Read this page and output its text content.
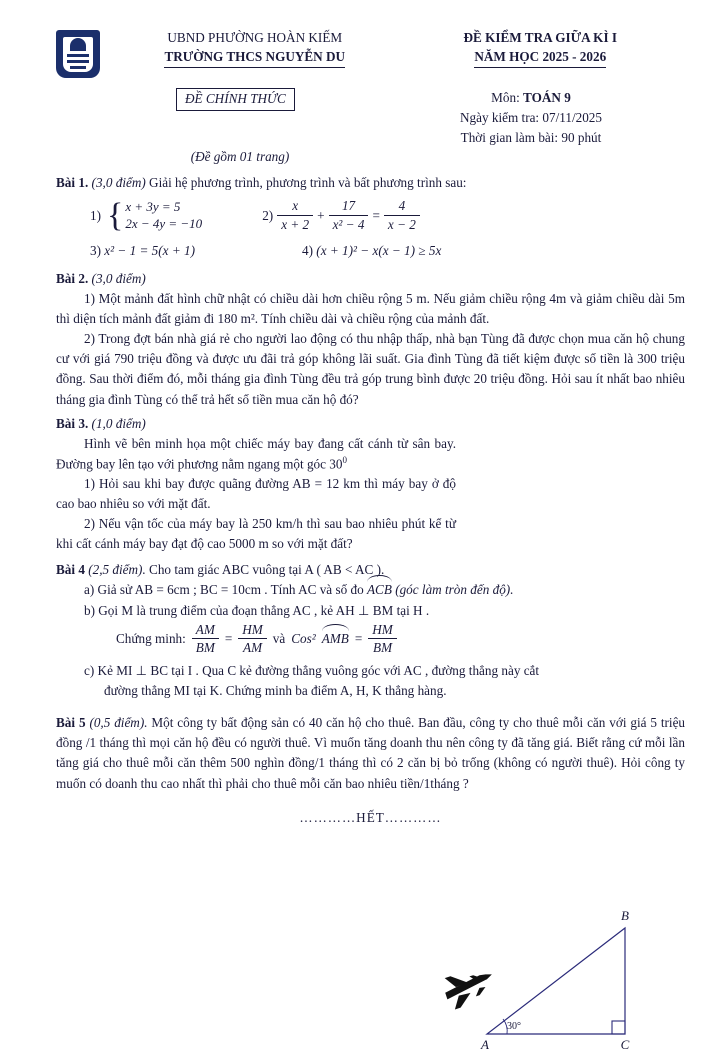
UBND PHƯỜNG HOÀN KIẾM
TRƯỜNG THCS NGUYỄN DU
ĐỀ KIỂM TRA GIỮA KÌ I
NĂM HỌC 2025 - 2026
ĐỀ CHÍNH THỨC	Môn: TOÁN 9
Ngày kiểm tra: 07/11/2025
Thời gian làm bài: 90 phút
(Đề gồm 01 trang)

Bài 1. (3,0 điểm) Giải hệ phương trình, phương trình và bất phương trình sau:

1) { x + 3y = 5
2x − 4y = −10
$2) \frac{x}{x + 2} + \frac{17}{\text{x² − 4}} = \frac{4}{x - 2}$
3) x² − 1 = 5(x + 1)	4) (x + 1)² − x(x − 1) ≥ 5x

Bài 2. (3,0 điểm)

1) Một mảnh đất hình chữ nhật có chiều dài hơn chiều rộng 5 m. Nếu giảm chiều rộng 4m và giảm chiều dài 5m thì diện tích mảnh đất giảm đi 180 m². Tính chiều dài và chiều rộng của mảnh đất.

2) Trong đợt bán nhà giá rẻ cho người lao động có thu nhập thấp, nhà bạn Tùng đã được chọn mua căn hộ chung cư với giá 790 triệu đồng và được ưu đãi trả góp không lãi suất. Gia đình Tùng đã tiết kiệm được số tiền là 300 triệu đồng. Sau thời điểm đó, mỗi tháng gia đình Tùng đều trả góp trung bình được 20 triệu đồng. Hỏi sau ít nhất bao nhiêu tháng gia đình Tùng có thể trả hết số tiền mua căn hộ đó?

Bài 3. (1,0 điểm)

Hình vẽ bên minh họa một chiếc máy bay đang cất cánh từ sân bay. Đường bay lên tạo với phương nằm ngang một góc $30^0$

1) Hỏi sau khi bay được quãng đường AB = 12 km thì máy bay ở độ cao bao nhiêu so với mặt đất.

2) Nếu vận tốc của máy bay là 250 km/h thì sau bao nhiêu phút kể từ khi cất cánh máy bay đạt độ cao 5000 m so với mặt đất?

B
A	C
30°

Bài 4 (2,5 điểm). Cho tam giác ABC vuông tại A ( AB < AC ).

a) Giả sử AB = 6cm ; BC = 10cm . Tính AC và số đo ACB (góc làm tròn đến độ).

b) Gọi M là trung điểm của đoạn thẳng AC , kẻ AH ⊥ BM tại H .

Chứng minh: $\frac{AM}{BM} = \frac{HM}{AM}$ và Cos² AMB = $\frac{HM}{BM}$

c) Kẻ MI ⊥ BC tại I . Qua C kẻ đường thẳng vuông góc với AC , đường thẳng này cắt

đường thẳng MI tại K. Chứng minh ba điểm A, H, K thẳng hàng.

Bài 5 (0,5 điểm). Một công ty bất động sản có 40 căn hộ cho thuê. Ban đầu, công ty cho thuê mỗi căn với giá 5 triệu đồng /1 tháng thì mọi căn hộ đều có người thuê. Vì muốn tăng doanh thu nên công ty đã tăng giá. Biết rằng cứ mỗi lần tăng giá cho thuê mỗi căn thêm 500 nghìn đồng/1 tháng thì có 2 căn bị bỏ trống (không có người thuê). Hỏi công ty muốn có doanh thu cao nhất thì phải cho thuê mỗi căn bao nhiêu tiền/1tháng ?

…………HẾT…………
